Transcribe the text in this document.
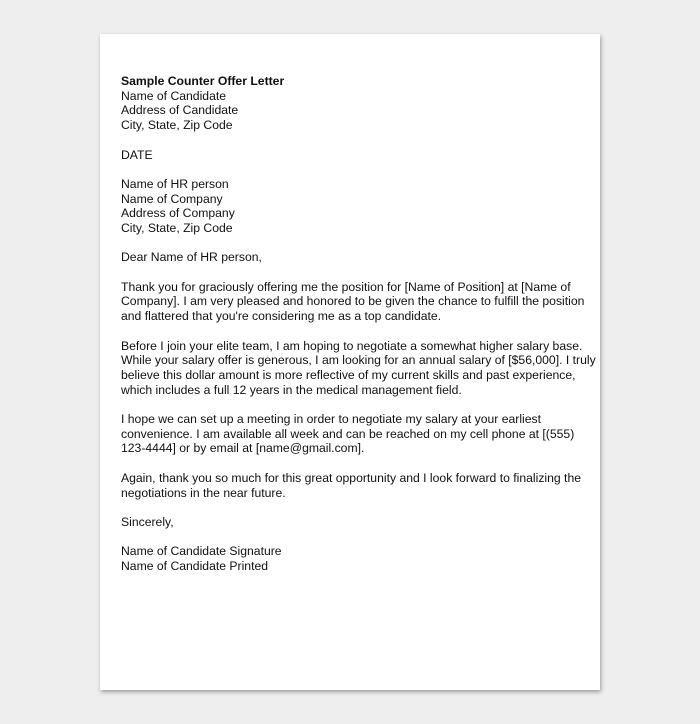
Sample Counter Offer Letter
Name of Candidate
Address of Candidate
City, State, Zip Code
DATE
Name of HR person
Name of Company
Address of Company
City, State, Zip Code
Dear Name of HR person,
Thank you for graciously offering me the position for [Name of Position] at [Name of
Company]. I am very pleased and honored to be given the chance to fulfill the position
and flattered that you're considering me as a top candidate.
Before I join your elite team, I am hoping to negotiate a somewhat higher salary base.
While your salary offer is generous, I am looking for an annual salary of [$56,000]. I truly
believe this dollar amount is more reflective of my current skills and past experience,
which includes a full 12 years in the medical management field.
I hope we can set up a meeting in order to negotiate my salary at your earliest
convenience. I am available all week and can be reached on my cell phone at [(555)
123-4444] or by email at [name@gmail.com].
Again, thank you so much for this great opportunity and I look forward to finalizing the
negotiations in the near future.
Sincerely,
Name of Candidate Signature
Name of Candidate Printed
